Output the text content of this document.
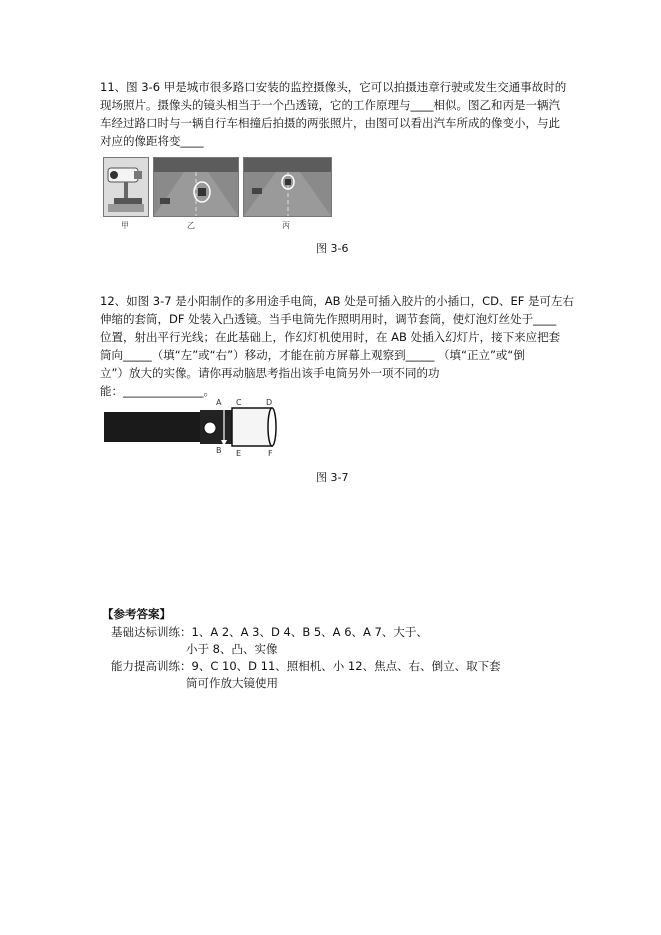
11、图 3-6 甲是城市很多路口安装的监控摄像头，它可以拍摄违章行驶或发生交通事故时的
现场照片。摄像头的镜头相当于一个凸透镜，它的工作原理与____相似。图乙和丙是一辆汽
车经过路口时与一辆自行车相撞后拍摄的两张照片，由图可以看出汽车所成的像变小，与此
对应的像距将变____
甲	乙	丙
图 3-6
12、如图 3-7 是小阳制作的多用途手电筒，AB 处是可插入胶片的小插口，CD、EF 是可左右
伸缩的套筒，DF 处装入凸透镜。当手电筒先作照明用时，调节套筒，使灯泡灯丝处于____
位置，射出平行光线；在此基础上，作幻灯机使用时，在 AB 处插入幻灯片，接下来应把套
筒向_____（填“左”或“右”）移动，才能在前方屏幕上观察到_____ （填“正立”或“倒
立”）放大的实像。请你再动脑思考指出该手电筒另外一项不同的功
能：______________。
A C	D
B E	F
图 3-7
【参考答案】
基础达标训练：1、A 2、A 3、D 4、B 5、A 6、A 7、大于、
小于 8、凸、实像
能力提高训练：9、C 10、D 11、照相机、小 12、焦点、右、倒立、取下套
筒可作放大镜使用
